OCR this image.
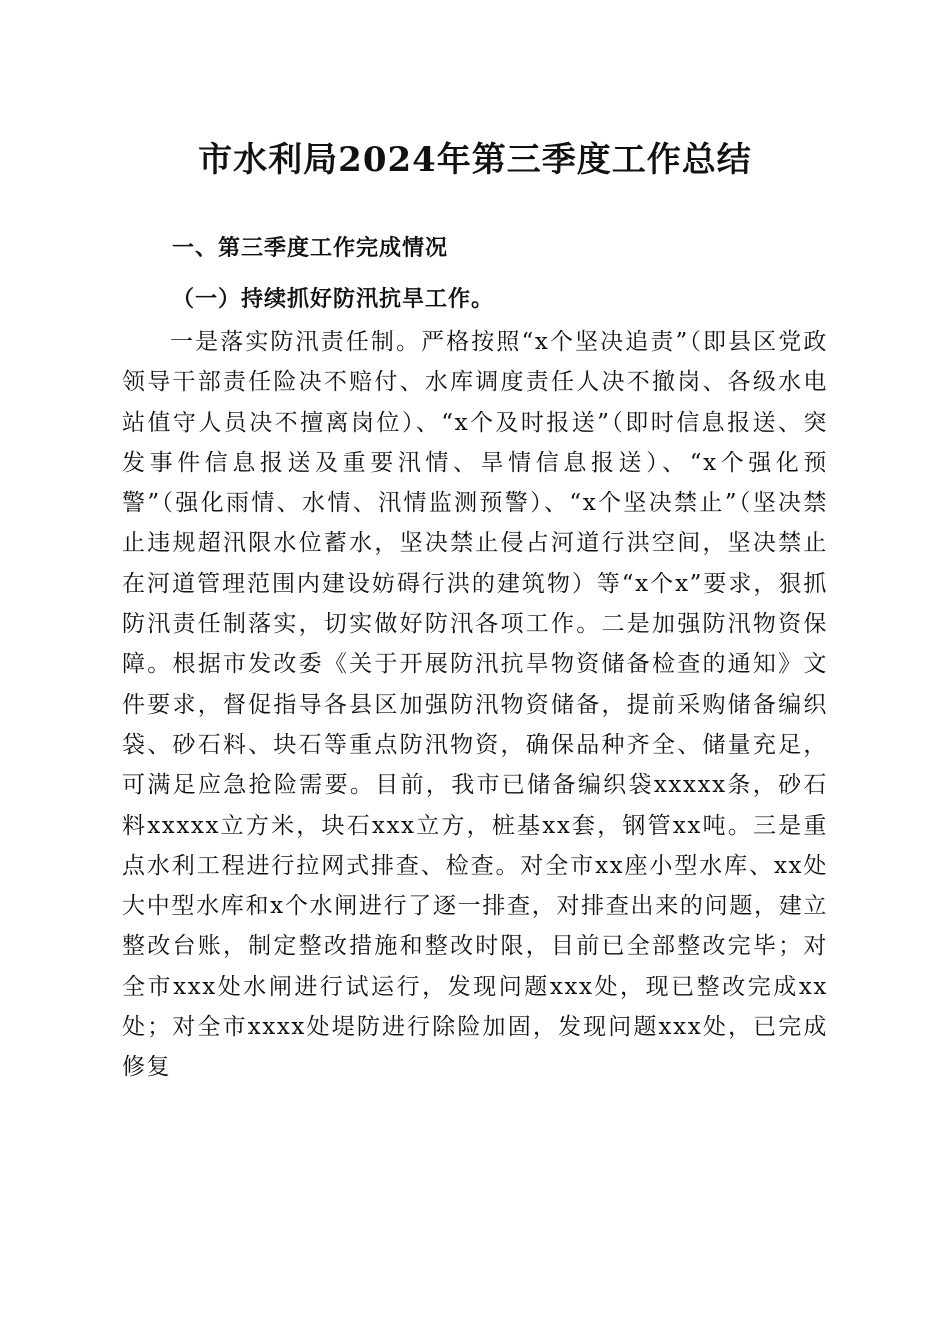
市水利局2024年第三季度工作总结
一、第三季度工作完成情况
（一）持续抓好防汛抗旱工作。

一是落实防汛责任制。严格按照“x个坚决追责”（即县区党政领导干部责任险决不赔付、水库调度责任人决不撤岗、各级水电站值守人员决不擅离岗位）、“x个及时报送”（即时信息报送、突发事件信息报送及重要汛情、旱情信息报送）、“x个强化预警”（强化雨情、水情、汛情监测预警）、“x个坚决禁止”（坚决禁止违规超汛限水位蓄水，坚决禁止侵占河道行洪空间，坚决禁止在河道管理范围内建设妨碍行洪的建筑物）等“x个x”要求，狠抓防汛责任制落实，切实做好防汛各项工作。二是加强防汛物资保障。根据市发改委《关于开展防汛抗旱物资储备检查的通知》文件要求，督促指导各县区加强防汛物资储备，提前采购储备编织袋、砂石料、块石等重点防汛物资，确保品种齐全、储量充足，可满足应急抢险需要。目前，我市已储备编织袋xxxxx条，砂石料xxxxx立方米，块石xxx立方，桩基xx套，钢管xx吨。三是重点水利工程进行拉网式排查、检查。对全市xx座小型水库、xx处大中型水库和x个水闸进行了逐一排查，对排查出来的问题，建立整改台账，制定整改措施和整改时限，目前已全部整改完毕；对全市xxx处水闸进行试运行，发现问题xxx处，现已整改完成xx处；对全市xxxx处堤防进行除险加固，发现问题xxx处，已完成修复
